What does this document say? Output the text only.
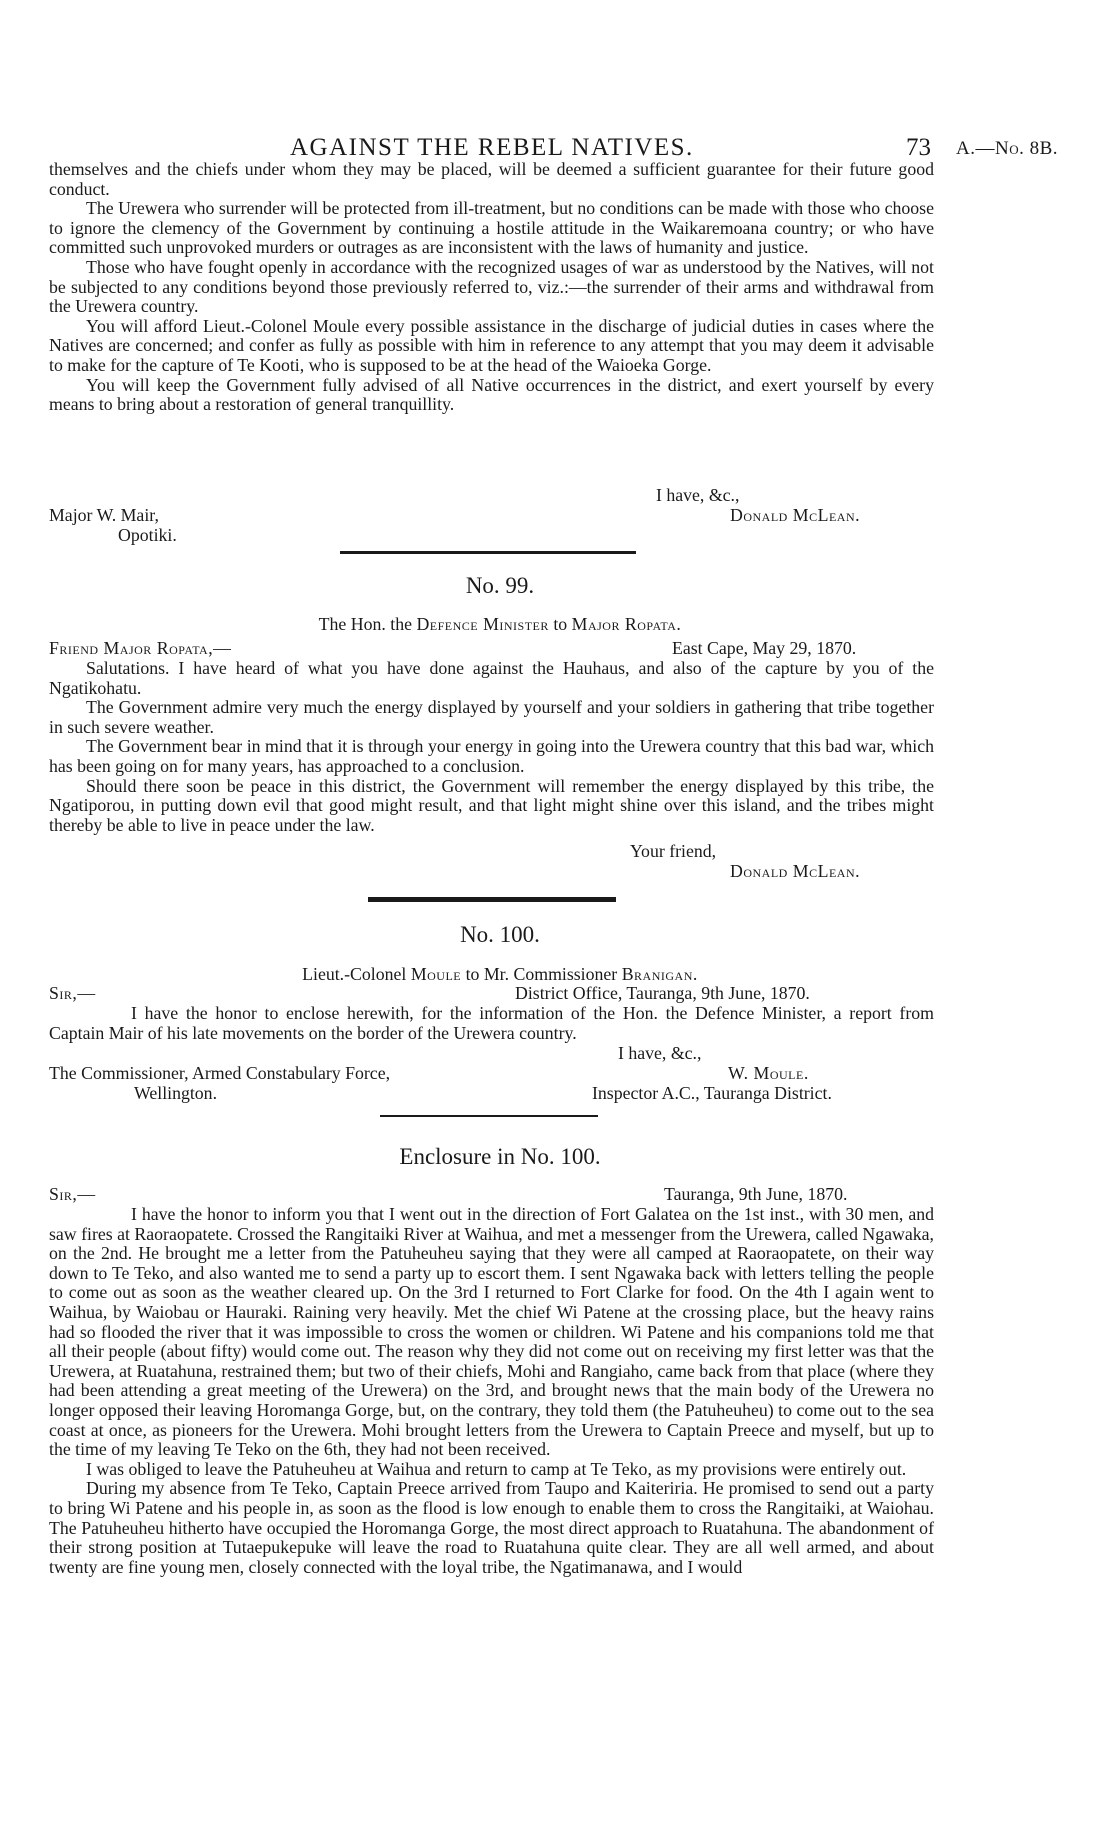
AGAINST THE REBEL NATIVES.	73 A.—No. 8B.

themselves and the chiefs under whom they may be placed, will be deemed a sufficient guarantee for their future good conduct.

The Urewera who surrender will be protected from ill-treatment, but no conditions can be made with those who choose to ignore the clemency of the Government by continuing a hostile attitude in the Waikaremoana country; or who have committed such unprovoked murders or outrages as are inconsistent with the laws of humanity and justice.

Those who have fought openly in accordance with the recognized usages of war as understood by the Natives, will not be subjected to any conditions beyond those previously referred to, viz.:—the surrender of their arms and withdrawal from the Urewera country.

You will afford Lieut.-Colonel Moule every possible assistance in the discharge of judicial duties in cases where the Natives are concerned; and confer as fully as possible with him in reference to any attempt that you may deem it advisable to make for the capture of Te Kooti, who is supposed to be at the head of the Waioeka Gorge.

You will keep the Government fully advised of all Native occurrences in the district, and exert yourself by every means to bring about a restoration of general tranquillity.

I have, &c.,
Major W. Mair,	Donald McLean.
Opotiki.
No. 99.
The Hon. the Defence Minister to Major Ropata.
Friend Major Ropata,—	East Cape, May 29, 1870.

Salutations. I have heard of what you have done against the Hauhaus, and also of the capture by you of the Ngatikohatu.

The Government admire very much the energy displayed by yourself and your soldiers in gathering that tribe together in such severe weather.

The Government bear in mind that it is through your energy in going into the Urewera country that this bad war, which has been going on for many years, has approached to a conclusion.

Should there soon be peace in this district, the Government will remember the energy displayed by this tribe, the Ngatiporou, in putting down evil that good might result, and that light might shine over this island, and the tribes might thereby be able to live in peace under the law.

Your friend,
Donald McLean.
No. 100.
Lieut.-Colonel Moule to Mr. Commissioner Branigan.
Sir,—	District Office, Tauranga, 9th June, 1870.

I have the honor to enclose herewith, for the information of the Hon. the Defence Minister, a report from Captain Mair of his late movements on the border of the Urewera country.

I have, &c.,
The Commissioner, Armed Constabulary Force,	W. Moule.
Wellington.	Inspector A.C., Tauranga District.
Enclosure in No. 100.
Sir,—	Tauranga, 9th June, 1870.

I have the honor to inform you that I went out in the direction of Fort Galatea on the 1st inst., with 30 men, and saw fires at Raoraopatete. Crossed the Rangitaiki River at Waihua, and met a messenger from the Urewera, called Ngawaka, on the 2nd. He brought me a letter from the Patuheuheu saying that they were all camped at Raoraopatete, on their way down to Te Teko, and also wanted me to send a party up to escort them. I sent Ngawaka back with letters telling the people to come out as soon as the weather cleared up. On the 3rd I returned to Fort Clarke for food. On the 4th I again went to Waihua, by Waiobau or Hauraki. Raining very heavily. Met the chief Wi Patene at the crossing place, but the heavy rains had so flooded the river that it was impossible to cross the women or children. Wi Patene and his companions told me that all their people (about fifty) would come out. The reason why they did not come out on receiving my first letter was that the Urewera, at Ruatahuna, restrained them; but two of their chiefs, Mohi and Rangiaho, came back from that place (where they had been attending a great meeting of the Urewera) on the 3rd, and brought news that the main body of the Urewera no longer opposed their leaving Horomanga Gorge, but, on the contrary, they told them (the Patuheuheu) to come out to the sea coast at once, as pioneers for the Urewera. Mohi brought letters from the Urewera to Captain Preece and myself, but up to the time of my leaving Te Teko on the 6th, they had not been received.

I was obliged to leave the Patuheuheu at Waihua and return to camp at Te Teko, as my provisions were entirely out.

During my absence from Te Teko, Captain Preece arrived from Taupo and Kaiteriria. He promised to send out a party to bring Wi Patene and his people in, as soon as the flood is low enough to enable them to cross the Rangitaiki, at Waiohau. The Patuheuheu hitherto have occupied the Horomanga Gorge, the most direct approach to Ruatahuna. The abandonment of their strong position at Tutaepukepuke will leave the road to Ruatahuna quite clear. They are all well armed, and about twenty are fine young men, closely connected with the loyal tribe, the Ngatimanawa, and I would
